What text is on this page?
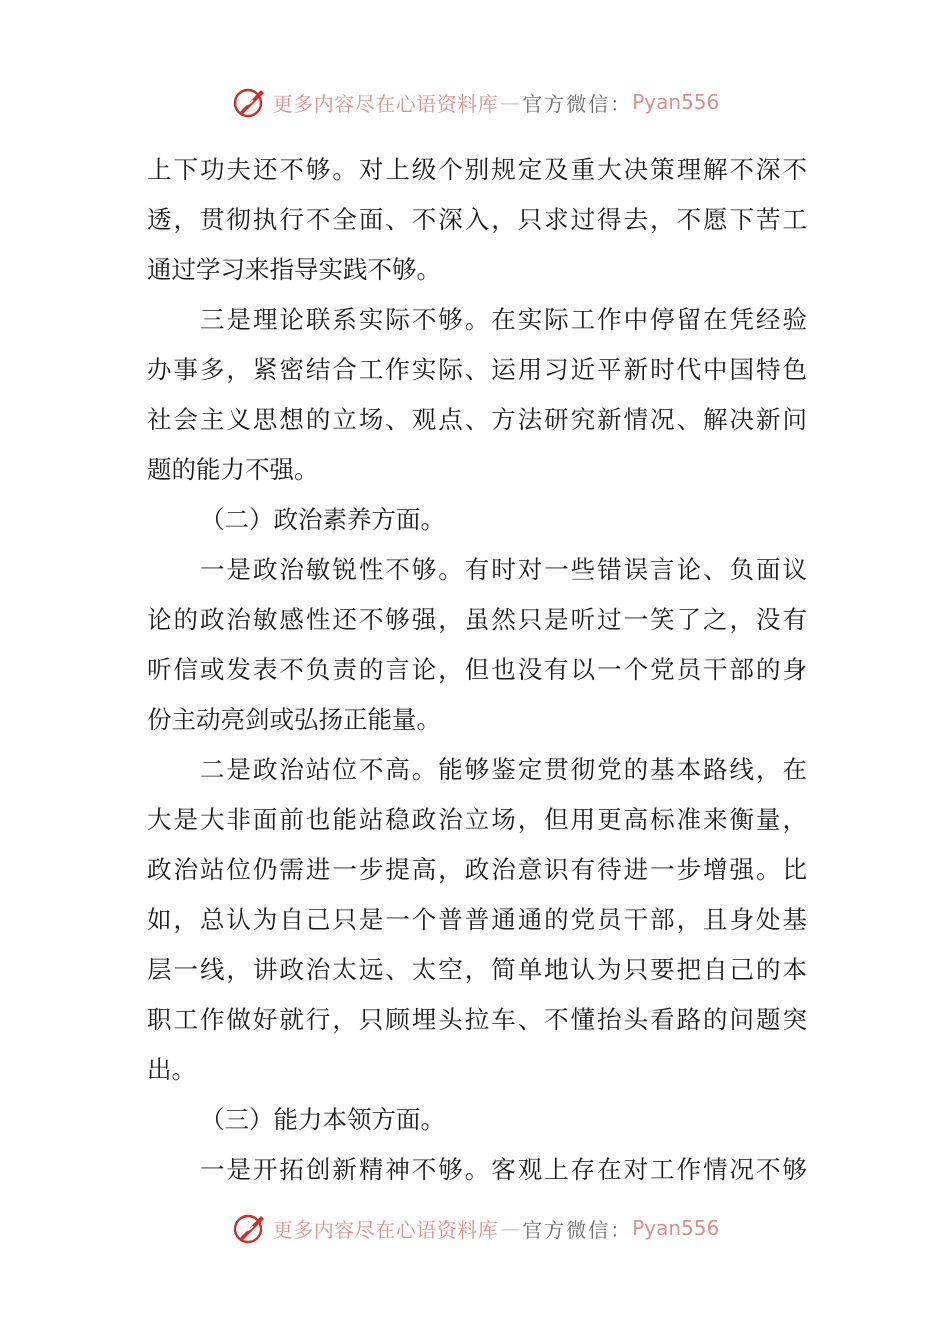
更多内容尽在心语资料库 — 官方微信： Pyan556
上下功夫还不够。对上级个别规定及重大决策理解不深不
透，贯彻执行不全面、不深入，只求过得去，不愿下苦工
通过学习来指导实践不够。
三是理论联系实际不够。在实际工作中停留在凭经验
办事多，紧密结合工作实际、运用习近平新时代中国特色
社会主义思想的立场、观点、方法研究新情况、解决新问
题的能力不强。
（二）政治素养方面。
一是政治敏锐性不够。有时对一些错误言论、负面议
论的政治敏感性还不够强，虽然只是听过一笑了之，没有
听信或发表不负责的言论，但也没有以一个党员干部的身
份主动亮剑或弘扬正能量。
二是政治站位不高。能够鉴定贯彻党的基本路线，在
大是大非面前也能站稳政治立场，但用更高标准来衡量，
政治站位仍需进一步提高，政治意识有待进一步增强。比
如，总认为自己只是一个普普通通的党员干部，且身处基
层一线，讲政治太远、太空，简单地认为只要把自己的本
职工作做好就行，只顾埋头拉车、不懂抬头看路的问题突
出。
（三）能力本领方面。
一是开拓创新精神不够。客观上存在对工作情况不够
更多内容尽在心语资料库 — 官方微信： Pyan556
